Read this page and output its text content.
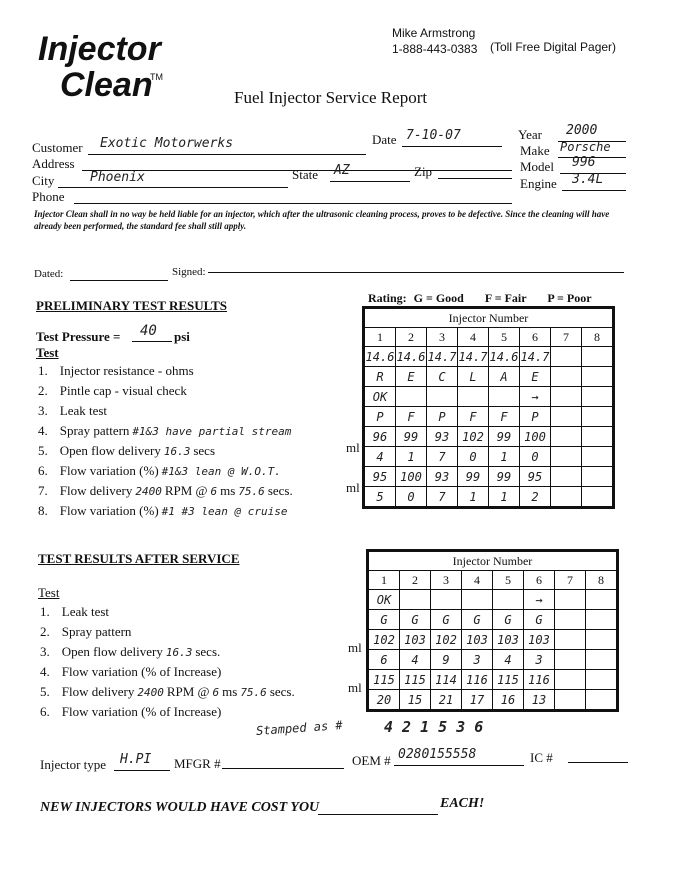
Injector
Clean
TM
Mike Armstrong
1-888-443-0383 (Toll Free Digital Pager)
Fuel Injector Service Report
Customer Exotic Motorwerks	Date 7-10-07
Address
City	Phoenix	State AZ	Zip
Phone
Year 2000
Make Porsche
Model 996
Engine 3.4L
Injector Clean shall in no way be held liable for an injector, which after the ultrasonic cleaning process, proves to be defective. Since the cleaning will have already been performed, the standard fee shall still apply.
Dated:	Signed:
Rating: G = Good F = Fair P = Poor
PRELIMINARY TEST RESULTS
Test Pressure = 40 psi
Test
1. Injector resistance - ohms
2. Pintle cap - visual check
3. Leak test
4. Spray pattern #1&3 have partial stream
5. Open flow delivery 16.3 secs
6. Flow variation (%) #1&3 lean @ W.O.T.
7. Flow delivery 2400 RPM @ 6 ms 75.6 secs.
8. Flow variation (%) #1 #3 lean @ cruise
ml
ml
Injector Number							
1	2	3	4	5	6	7	8
14.6	14.6	14.7	14.7	14.6	14.7		
R	E	C	L	A	E		
OK					→		
P	F	P	F	F	P		
96	99	93	102	99	100		
4	1	7	0	1	0		
95	100	93	99	99	95		
5	0	7	1	1	2		
TEST RESULTS AFTER SERVICE
Test
1. Leak test
2. Spray pattern
3. Open flow delivery 16.3 secs.
4. Flow variation (% of Increase)
5. Flow delivery 2400 RPM @ 6 ms 75.6 secs.
6. Flow variation (% of Increase)
ml
ml
Injector Number							
1	2	3	4	5	6	7	8
OK					→		
G	G	G	G	G	G		
102	103	102	103	103	103		
6	4	9	3	4	3		
115	115	114	116	115	116		
20	15	21	17	16	13		
Stamped as #	4 2 1 5 3 6
Injector type H.PI MFGR #	OEM # 0280155558	IC #
NEW INJECTORS WOULD HAVE COST YOU	EACH!
